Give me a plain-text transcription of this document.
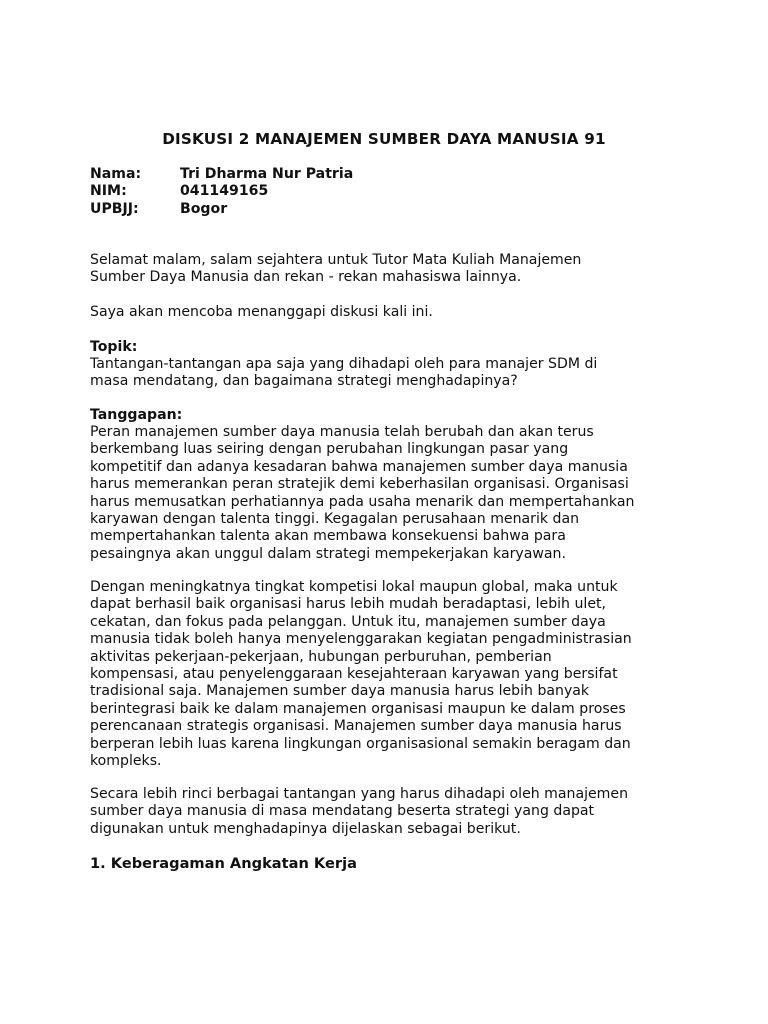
DISKUSI 2 MANAJEMEN SUMBER DAYA MANUSIA 91
Nama:	Tri Dharma Nur Patria
NIM:	041149165
UPBJJ:	Bogor

Selamat malam, salam sejahtera untuk Tutor Mata Kuliah Manajemen
Sumber Daya Manusia dan rekan - rekan mahasiswa lainnya.

Saya akan mencoba menanggapi diskusi kali ini.

Topik:

Tantangan-tantangan apa saja yang dihadapi oleh para manajer SDM di
masa mendatang, dan bagaimana strategi menghadapinya?

Tanggapan:

Peran manajemen sumber daya manusia telah berubah dan akan terus
berkembang luas seiring dengan perubahan lingkungan pasar yang
kompetitif dan adanya kesadaran bahwa manajemen sumber daya manusia
harus memerankan peran stratejik demi keberhasilan organisasi. Organisasi
harus memusatkan perhatiannya pada usaha menarik dan mempertahankan
karyawan dengan talenta tinggi. Kegagalan perusahaan menarik dan
mempertahankan talenta akan membawa konsekuensi bahwa para
pesaingnya akan unggul dalam strategi mempekerjakan karyawan.

Dengan meningkatnya tingkat kompetisi lokal maupun global, maka untuk
dapat berhasil baik organisasi harus lebih mudah beradaptasi, lebih ulet,
cekatan, dan fokus pada pelanggan. Untuk itu, manajemen sumber daya
manusia tidak boleh hanya menyelenggarakan kegiatan pengadministrasian
aktivitas pekerjaan-pekerjaan, hubungan perburuhan, pemberian
kompensasi, atau penyelenggaraan kesejahteraan karyawan yang bersifat
tradisional saja. Manajemen sumber daya manusia harus lebih banyak
berintegrasi baik ke dalam manajemen organisasi maupun ke dalam proses
perencanaan strategis organisasi. Manajemen sumber daya manusia harus
berperan lebih luas karena lingkungan organisasional semakin beragam dan
kompleks.

Secara lebih rinci berbagai tantangan yang harus dihadapi oleh manajemen
sumber daya manusia di masa mendatang beserta strategi yang dapat
digunakan untuk menghadapinya dijelaskan sebagai berikut.

1. Keberagaman Angkatan Kerja
